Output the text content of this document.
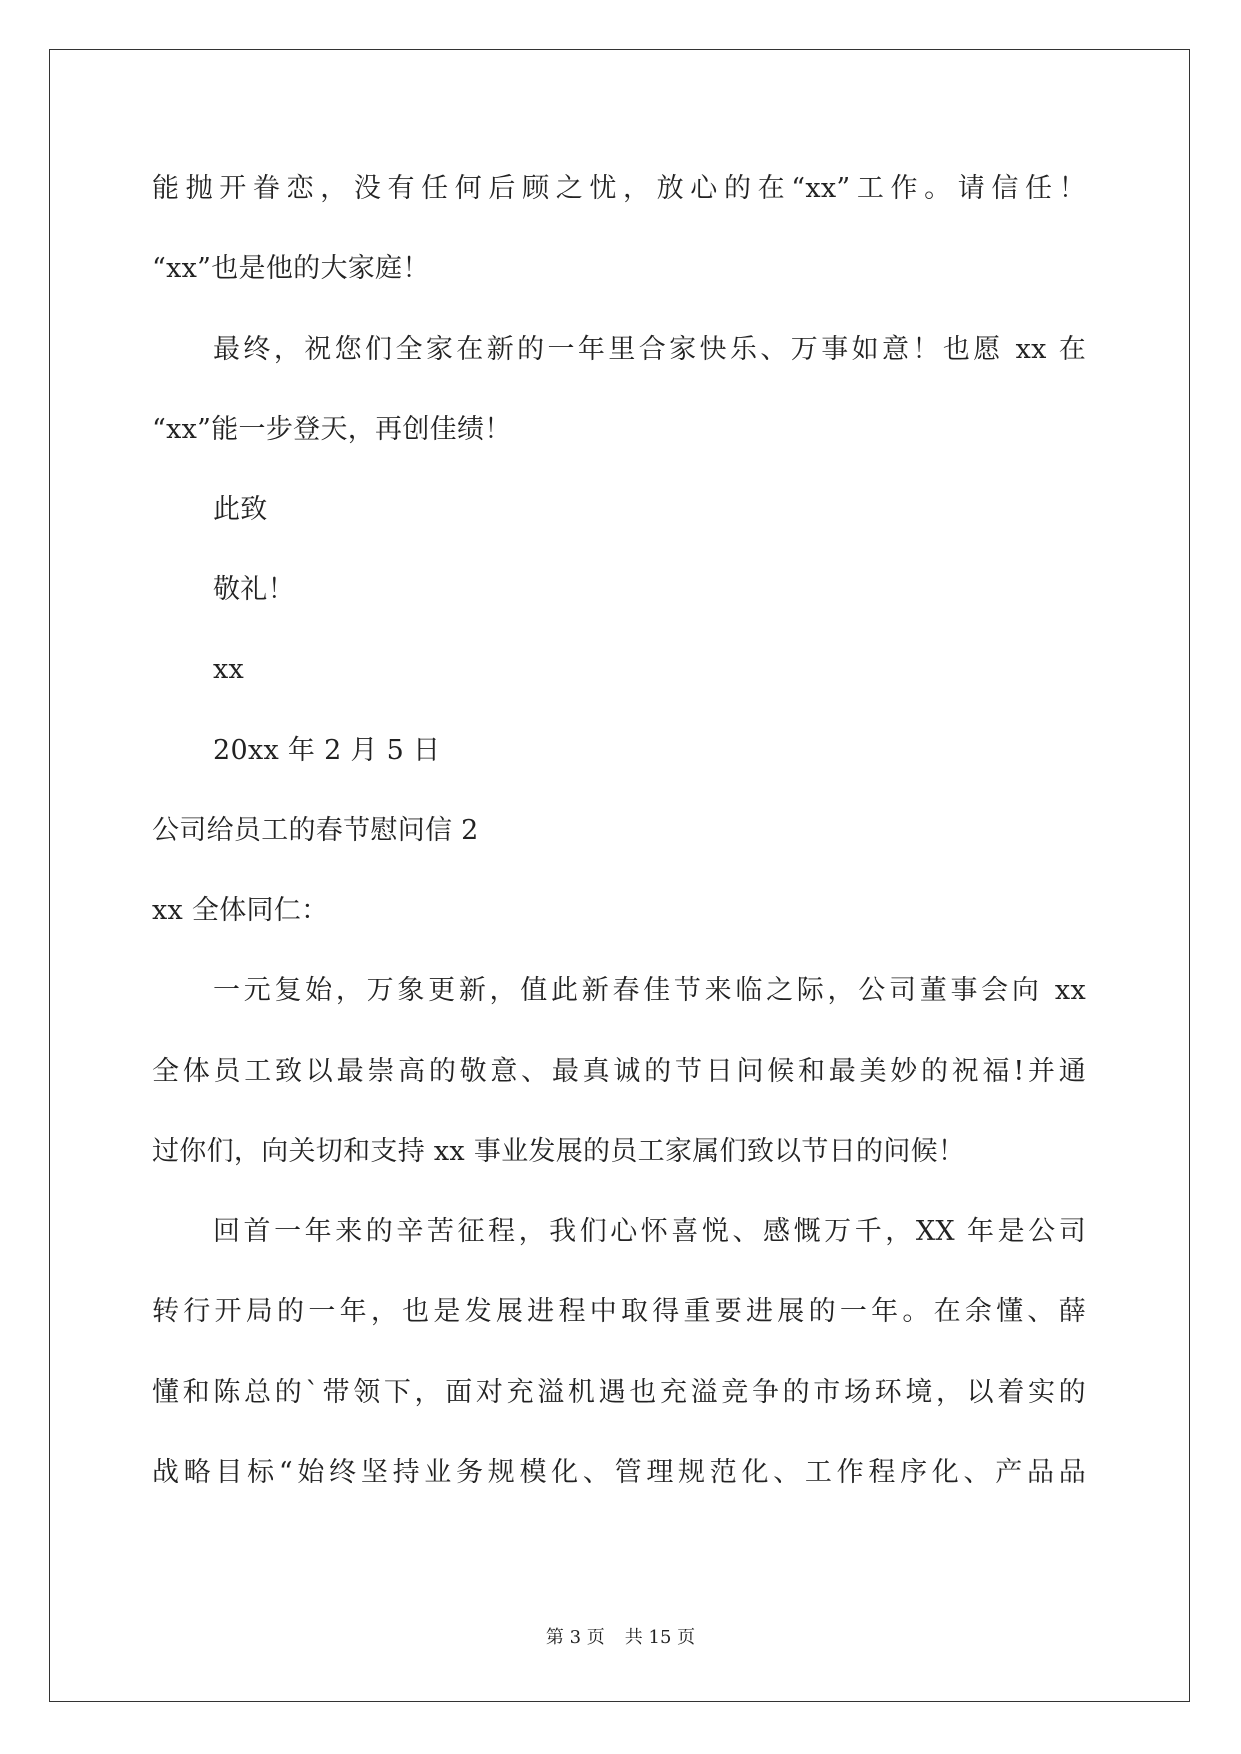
能抛开眷恋，没有任何后顾之忧，放心的在“xx”工作。请信任！
“xx”也是他的大家庭！
最终，祝您们全家在新的一年里合家快乐、万事如意！也愿 xx 在
“xx”能一步登天，再创佳绩！
此致
敬礼！
xx
20xx 年 2 月 5 日
公司给员工的春节慰问信 2
xx 全体同仁：
一元复始，万象更新，值此新春佳节来临之际，公司董事会向 xx
全体员工致以最崇高的敬意、最真诚的节日问候和最美妙的祝福!并通
过你们，向关切和支持 xx 事业发展的员工家属们致以节日的问候！
回首一年来的辛苦征程，我们心怀喜悦、感慨万千，XX 年是公司
转行开局的一年，也是发展进程中取得重要进展的一年。在余懂、薛
懂和陈总的`带领下，面对充溢机遇也充溢竞争的市场环境，以着实的
战略目标“始终坚持业务规模化、管理规范化、工作程序化、产品品
第 3 页 共 15 页
